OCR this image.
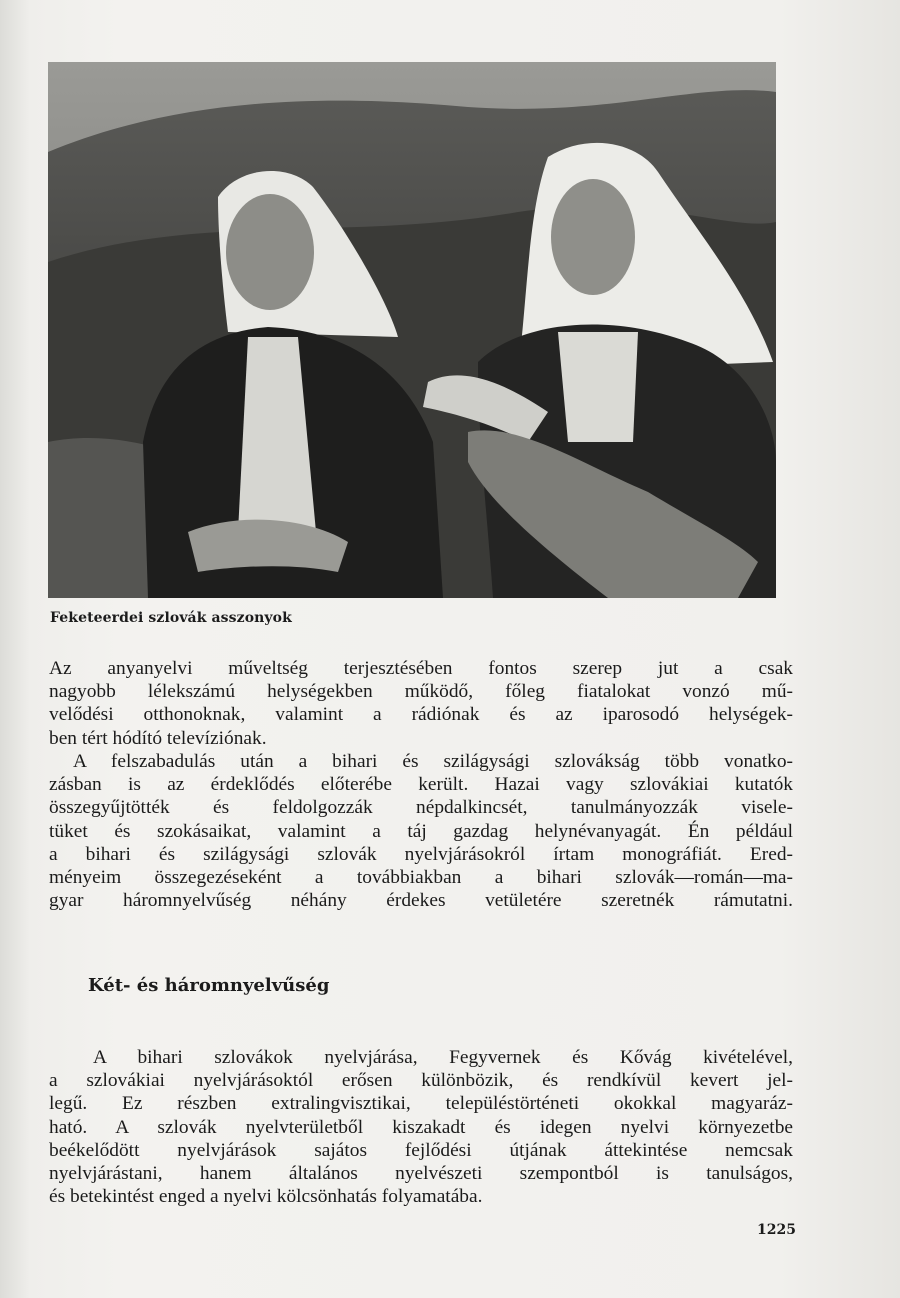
Feketeerdei szlovák asszonyok
Az anyanyelvi műveltség terjesztésében fontos szerep jut a csak
nagyobb lélekszámú helységekben működő, főleg fiatalokat vonzó mű-
velődési otthonoknak, valamint a rádiónak és az iparosodó helységek-
ben tért hódító televíziónak.
A felszabadulás után a bihari és szilágysági szlovákság több vonatko-
zásban is az érdeklődés előterébe került. Hazai vagy szlovákiai kutatók
összegyűjtötték és feldolgozzák népdalkincsét, tanulmányozzák visele-
tüket és szokásaikat, valamint a táj gazdag helynévanyagát. Én például
a bihari és szilágysági szlovák nyelvjárásokról írtam monográfiát. Ered-
ményeim összegezéseként a továbbiakban a bihari szlovák—román—ma-
gyar háromnyelvűség néhány érdekes vetületére szeretnék rámutatni.
Két- és háromnyelvűség
A bihari szlovákok nyelvjárása, Fegyvernek és Kővág kivételével,
a szlovákiai nyelvjárásoktól erősen különbözik, és rendkívül kevert jel-
legű. Ez részben extralingvisztikai, településtörténeti okokkal magyaráz-
ható. A szlovák nyelvterületből kiszakadt és idegen nyelvi környezetbe
beékelődött nyelvjárások sajátos fejlődési útjának áttekintése nemcsak
nyelvjárástani, hanem általános nyelvészeti szempontból is tanulságos,
és betekintést enged a nyelvi kölcsönhatás folyamatába.
1225
